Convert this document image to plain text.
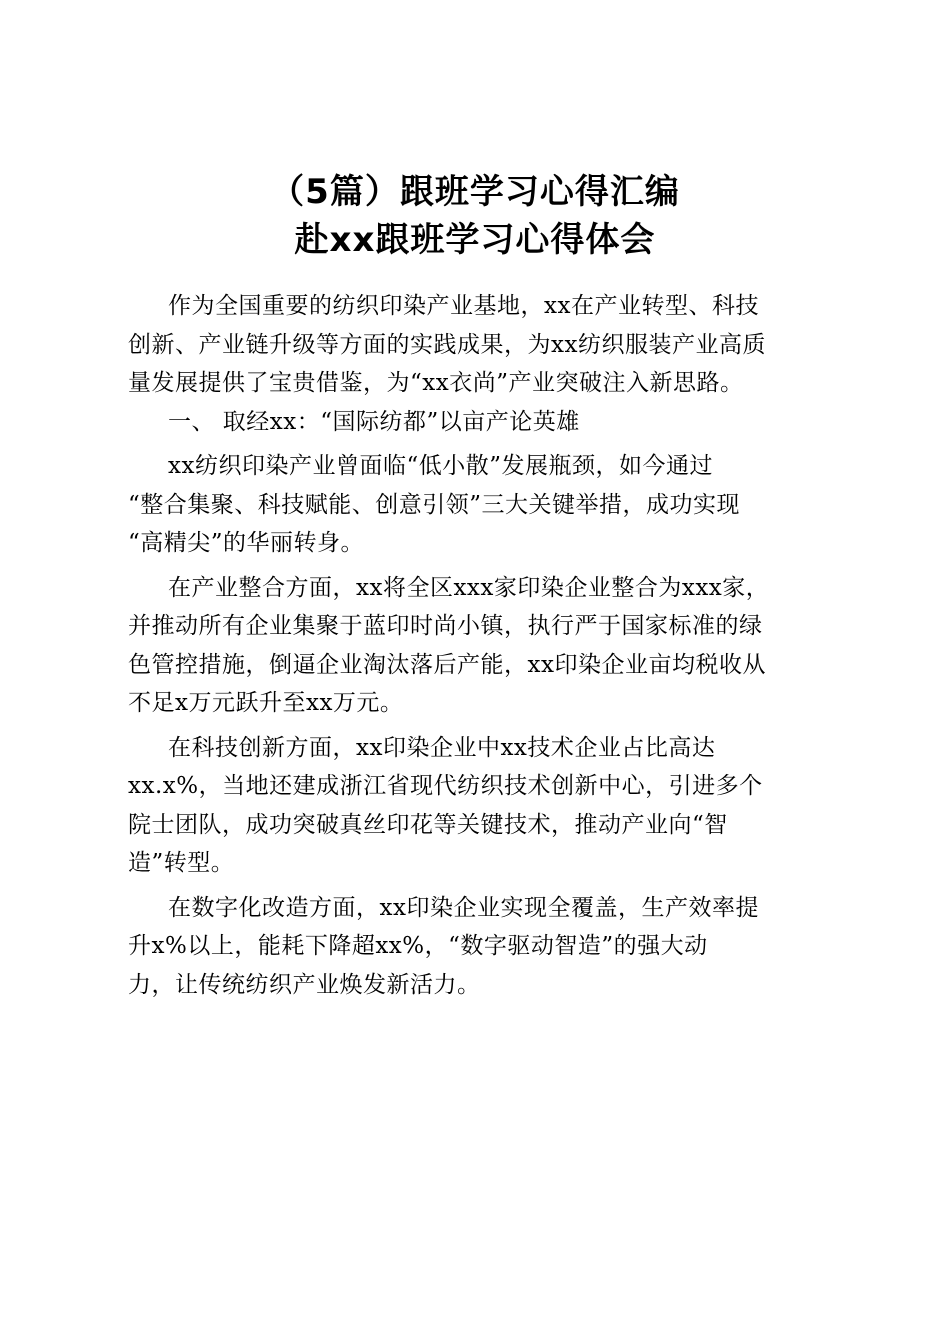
（5篇）跟班学习心得汇编
赴xx跟班学习心得体会

作为全国重要的纺织印染产业基地，xx在产业转型、科技
创新、产业链升级等方面的实践成果，为xx纺织服装产业高质
量发展提供了宝贵借鉴，为“xx衣尚”产业突破注入新思路。

一、 取经xx：“国际纺都”以亩产论英雄

xx纺织印染产业曾面临“低小散”发展瓶颈，如今通过
“整合集聚、科技赋能、创意引领”三大关键举措，成功实现
“高精尖”的华丽转身。

在产业整合方面，xx将全区xxx家印染企业整合为xxx家，
并推动所有企业集聚于蓝印时尚小镇，执行严于国家标准的绿
色管控措施，倒逼企业淘汰落后产能，xx印染企业亩均税收从
不足x万元跃升至xx万元。

在科技创新方面，xx印染企业中xx技术企业占比高达
xx.x%，当地还建成浙江省现代纺织技术创新中心，引进多个
院士团队，成功突破真丝印花等关键技术，推动产业向“智
造”转型。

在数字化改造方面，xx印染企业实现全覆盖，生产效率提
升x%以上，能耗下降超xx%，“数字驱动智造”的强大动
力，让传统纺织产业焕发新活力。
